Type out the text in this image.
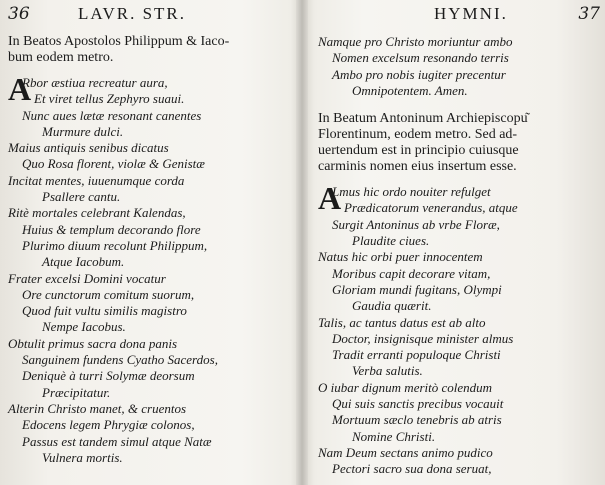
36	LAVR. STR.
In Beatos Apostolos Philippum & Iaco-
bum eodem metro.
A
Rbor æstiua recreatur aura,
Et viret tellus Zephyro suaui.
Nunc aues lætæ resonant canentes
Murmure dulci.
Maius antiquis senibus dicatus
Quo Rosa florent, violæ & Genistæ
Incitat mentes, iuuenumque corda
Psallere cantu.
Ritè mortales celebrant Kalendas,
Huius & templum decorando flore
Plurimo diuum recolunt Philippum,
Atque Iacobum.
Frater excelsi Domini vocatur
Ore cunctorum comitum suorum,
Quod fuit vultu similis magistro
Nempe Iacobus.
Obtulit primus sacra dona panis
Sanguinem fundens Cyatho Sacerdos,
Deniquè à turri Solymæ deorsum
Præcipitatur.
Alterin Christo manet, & cruentos
Edocens legem Phrygiæ colonos,
Passus est tandem simul atque Natæ
Vulnera mortis.
HYMNI.	37
Namque pro Christo moriuntur ambo
Nomen excelsum resonando terris
Ambo pro nobis iugiter precentur
Omnipotentem. Amen.
In Beatum Antoninum Archiepiscopu͂
Florentinum, eodem metro. Sed ad-
uertendum est in principio cuiusque
carminis nomen eius insertum esse.
A
Lmus hic ordo nouiter refulget
Prædicatorum venerandus, atque
Surgit Antoninus ab vrbe Floræ,
Plaudite ciues.
Natus hic orbi puer innocentem
Moribus capit decorare vitam,
Gloriam mundi fugitans, Olympi
Gaudia quærit.
Talis, ac tantus datus est ab alto
Doctor, insignisque minister almus
Tradit erranti populoque Christi
Verba salutis.
O iubar dignum meritò colendum
Qui suis sanctis precibus vocauit
Mortuum sæclo tenebris ab atris
Nomine Christi.
Nam Deum sectans animo pudico
Pectori sacro sua dona seruat,
